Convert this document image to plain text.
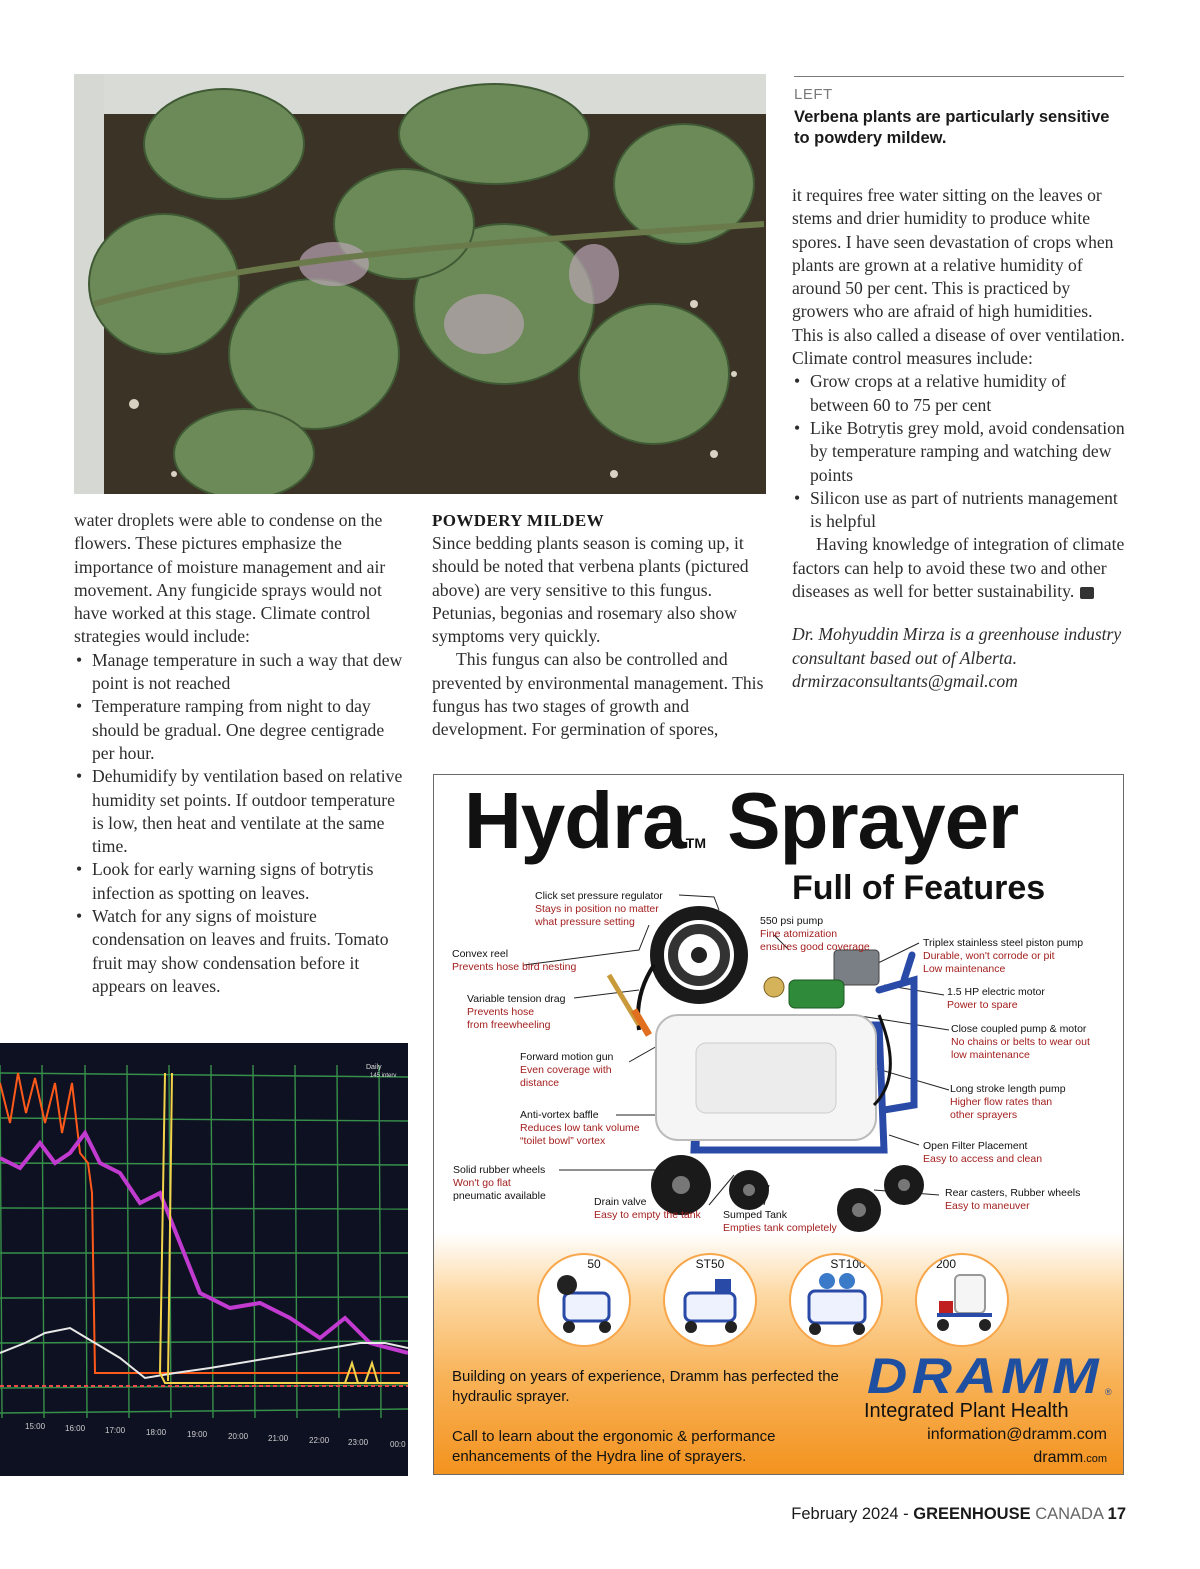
LEFT

Verbena plants are particularly sensitive to powdery mildew.

water droplets were able to condense on the flowers. These pictures emphasize the importance of moisture management and air movement. Any fungicide sprays would not have worked at this stage. Climate control strategies would include:

• Manage temperature in such a way that dew point is not reached
• Temperature ramping from night to day should be gradual. One degree centigrade per hour.
• Dehumidify by ventilation based on relative humidity set points. If outdoor temperature is low, then heat and ventilate at the same time.
• Look for early warning signs of botrytis infection as spotting on leaves.
• Watch for any signs of moisture condensation on leaves and fruits. Tomato fruit may show condensation before it appears on leaves.
POWDERY MILDEW

Since bedding plants season is coming up, it should be noted that verbena plants (pictured above) are very sensitive to this fungus. Petunias, begonias and rosemary also show symptoms very quickly.

This fungus can also be controlled and prevented by environmental management. This fungus has two stages of growth and development. For germination of spores,

it requires free water sitting on the leaves or stems and drier humidity to produce white spores. I have seen devastation of crops when plants are grown at a relative humidity of around 50 per cent. This is practiced by growers who are afraid of high humidities. This is also called a disease of over ventilation. Climate control measures include:

• Grow crops at a relative humidity of between 60 to 75 per cent
• Like Botrytis grey mold, avoid condensation by temperature ramping and watching dew points
• Silicon use as part of nutrients management is helpful

Having knowledge of integration of climate factors can help to avoid these two and other diseases as well for better sustainability.	GC

Dr. Mohyuddin Mirza is a greenhouse industry consultant based out of Alberta. drmirzaconsultants@gmail.com

Daily
145 interv
15:00 16:00 17:00	18:00	19:00	20:00 21:00	22:00 23:00	00:0
HydraTM Sprayer
Full of Features
Click set pressure regulator
Stays in position no matter
what pressure setting	550 psi pump
Fine atomization
ensures good coverage
Convex reel
Prevents hose bird nesting
Triplex stainless steel piston pump
Durable, won't corrode or pit
Low maintenance
1.5 HP electric motor
Power to spare
Variable tension drag
Prevents hose
from freewheeling	Close coupled pump & motor
No chains or belts to wear out
low maintenance
Forward motion gun
Even coverage with
distance	Long stroke length pump
Higher flow rates than
other sprayers
Anti-vortex baffle
Reduces low tank volume
“toilet bowl” vortex	Open Filter Placement
Easy to access and clean
Solid rubber wheels
Won't go flat
pneumatic available	Rear casters, Rubber wheels
Easy to maneuver
Drain valve
Easy to empty the tank Sumped Tank
Empties tank completely
50	ST50	ST100	200

Building on years of experience, Dramm has perfected the hydraulic sprayer.

Call to learn about the ergonomic & performance enhancements of the Hydra line of sprayers.

DRAMM ®
Integrated Plant Health
information@dramm.com
dramm.com
February 2024 - GREENHOUSE CANADA 17
